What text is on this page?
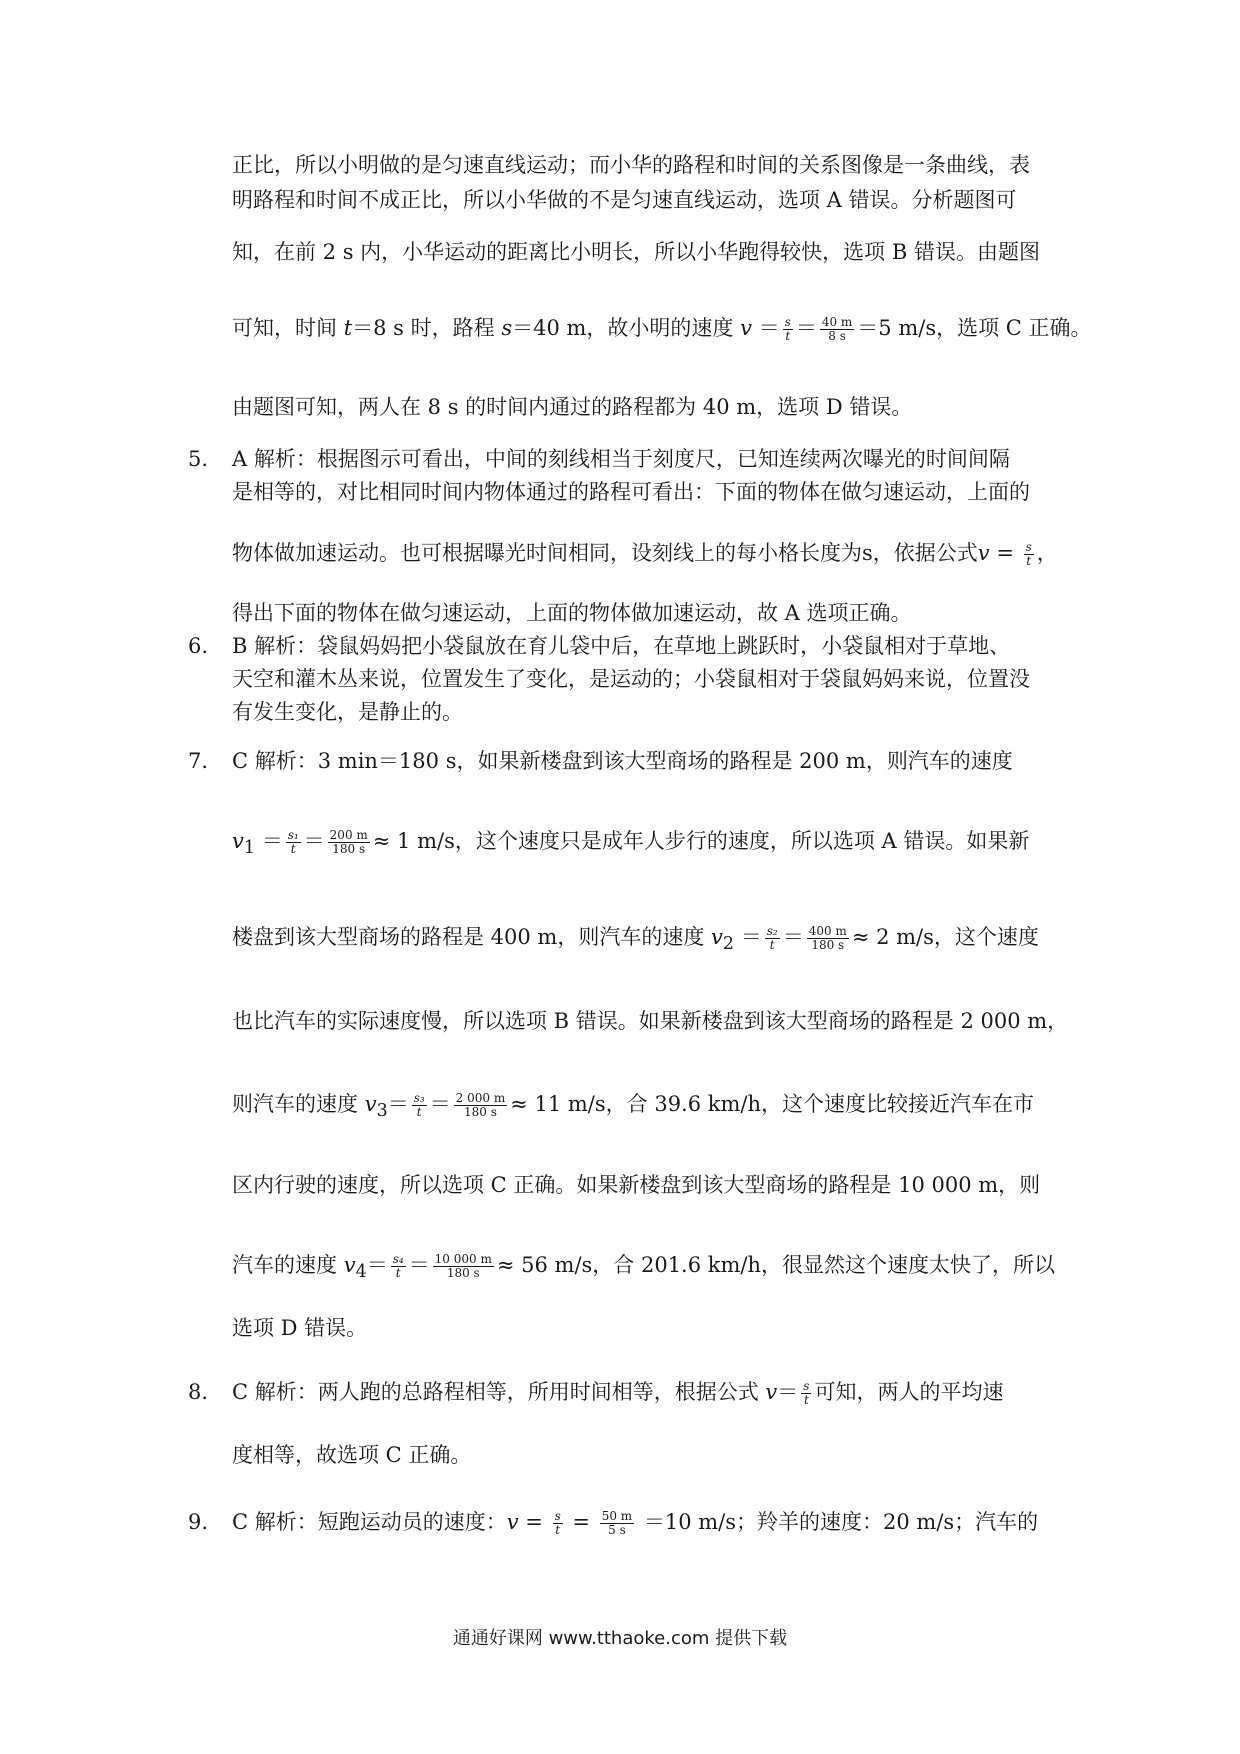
正比，所以小明做的是匀速直线运动；而小华的路程和时间的关系图像是一条曲线，表
明路程和时间不成正比，所以小华做的不是匀速直线运动，选项 A 错误。分析题图可
知，在前 2 s 内，小华运动的距离比小明长，所以小华跑得较快，选项 B 错误。由题图
可知，时间 t＝8 s 时，路程 s＝40 m，故小明的速度 $v = \frac{s}{t} = \frac{40 m}{8 s} =5$ m/s，选项 C 正确。
由题图可知，两人在 8 s 的时间内通过的路程都为 40 m，选项 D 错误。
5. A 解析：根据图示可看出，中间的刻线相当于刻度尺，已知连续两次曝光的时间间隔
是相等的，对比相同时间内物体通过的路程可看出：下面的物体在做匀速运动，上面的
物体做加速运动。也可根据曝光时间相同，设刻线上的每小格长度为s，依据公式$v = \frac{s}{t}$ ，
得出下面的物体在做匀速运动，上面的物体做加速运动，故 A 选项正确。
6. B 解析：袋鼠妈妈把小袋鼠放在育儿袋中后，在草地上跳跃时，小袋鼠相对于草地、
天空和灌木丛来说，位置发生了变化，是运动的；小袋鼠相对于袋鼠妈妈来说，位置没
有发生变化，是静止的。
7. C 解析：3 min＝180 s，如果新楼盘到该大型商场的路程是 200 m，则汽车的速度
$v_1 = \frac{\text{s₁}}{t} = \frac{200 m}{180 s} \approx 1$ m/s，这个速度只是成年人步行的速度，所以选项 A 错误。如果新
楼盘到该大型商场的路程是 400 m，则汽车的速度 $v_2 = \frac{\text{s₂}}{t} = \frac{400 m}{180 s} \approx 2$ m/s，这个速度
也比汽车的实际速度慢，所以选项 B 错误。如果新楼盘到该大型商场的路程是 2 000 m，
则汽车的速度 $v_3= \frac{\text{s₃}}{t} = \frac{2 000 m}{180 s} \approx 11$ m/s，合 39.6 km/h，这个速度比较接近汽车在市
区内行驶的速度，所以选项 C 正确。如果新楼盘到该大型商场的路程是 10 000 m，则
汽车的速度 $v_4= \frac{\text{s₄}}{t} = \frac{10 000 m}{180 s} \approx 56$ m/s，合 201.6 km/h，很显然这个速度太快了，所以
选项 D 错误。
8. C 解析：两人跑的总路程相等，所用时间相等，根据公式 $v= \frac{s}{t}$ 可知，两人的平均速
度相等，故选项 C 正确。
9. C 解析：短跑运动员的速度：$v = \frac{s}{t} = \frac{50 m}{5 s} =10$ m/s；羚羊的速度：20 m/s；汽车的
通通好课网 www.tthaoke.com 提供下载
